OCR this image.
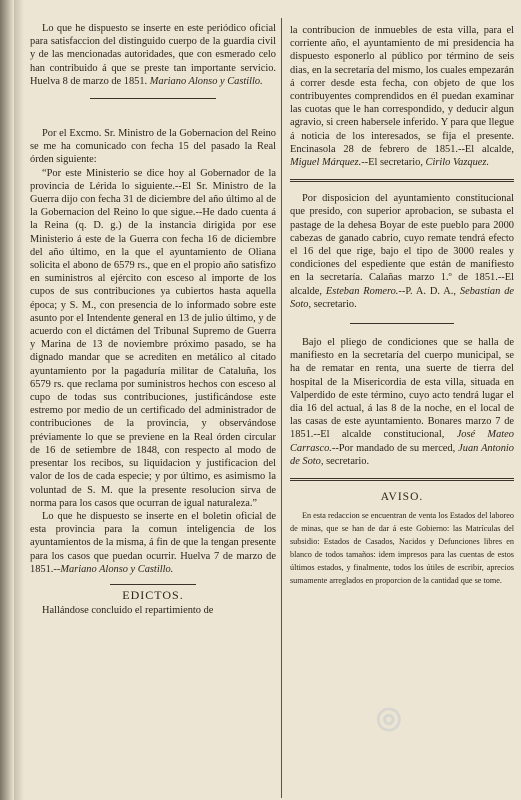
Lo que he dispuesto se inserte en este periódico oficial para satisfaccion del distinguido cuerpo de la guardia civil y de las mencionadas autoridades, que con esmerado celo han contribuido á que se preste tan importante servicio. Huelva 8 de marzo de 1851. Mariano Alonso y Castillo.

Por el Excmo. Sr. Ministro de la Gobernacion del Reino se me ha comunicado con fecha 15 del pasado la Real órden siguiente:

“Por este Ministerio se dice hoy al Gobernador de la provincia de Lérida lo siguiente.--El Sr. Ministro de la Guerra dijo con fecha 31 de diciembre del año último al de la Gobernacion del Reino lo que sigue.--He dado cuenta á la Reina (q. D. g.) de la instancia dirigida por ese Ministerio á este de la Guerra con fecha 16 de diciembre del año último, en la que el ayuntamiento de Oliana solicita el abono de 6579 rs., que en el propio año satisfizo en suministros al ejército con esceso al importe de los cupos de sus contribuciones ya cubiertos hasta aquella época; y S. M., con presencia de lo informado sobre este asunto por el Intendente general en 13 de julio último, y de acuerdo con el dictámen del Tribunal Supremo de Guerra y Marina de 13 de noviembre próximo pasado, se ha dignado mandar que se acrediten en metálico al citado ayuntamiento por la pagaduría militar de Cataluña, los 6579 rs. que reclama por suministros hechos con esceso al cupo de todas sus contribuciones, justificándose este estremo por medio de un certificado del administrador de contribuciones de la provincia, y observándose préviamente lo que se previene en la Real órden circular de 16 de setiembre de 1848, con respecto al modo de presentar los recibos, su liquidacion y justificacion del valor de los de cada especie; y por último, es asimismo la voluntad de S. M. que la presente resolucion sirva de norma para los casos que ocurran de igual naturaleza.”

Lo que he dispuesto se inserte en el boletin oficial de esta provincia para la comun inteligencia de los ayuntamientos de la misma, á fin de que la tengan presente para los casos que puedan ocurrir. Huelva 7 de marzo de 1851.--Mariano Alonso y Castillo.

EDICTOS.

Hallándose concluido el repartimiento de

la contribucion de inmuebles de esta villa, para el corriente año, el ayuntamiento de mi presidencia ha dispuesto esponerlo al público por término de seis dias, en la secretaría del mismo, los cuales empezarán á correr desde esta fecha, con objeto de que los contribuyentes comprendidos en él puedan examinar las cuotas que le han correspondido, y deducir algun agravio, si creen habersele inferido. Y para que llegue á noticia de los interesados, se fija el presente. Encinasola 28 de febrero de 1851.--El alcalde, Miguel Márquez.--El secretario, Cirilo Vazquez.

Por disposicion del ayuntamiento constitucional que presido, con superior aprobacion, se subasta el pastage de la dehesa Boyar de este pueblo para 2000 cabezas de ganado cabrio, cuyo remate tendrá efecto el 16 del que rige, bajo el tipo de 3000 reales y condiciones del espediente que están de manifiesto en la secretaría. Calañas marzo 1.º de 1851.--El alcalde, Esteban Romero.--P. A. D. A., Sebastian de Soto, secretario.

Bajo el pliego de condiciones que se halla de manifiesto en la secretaría del cuerpo municipal, se ha de rematar en renta, una suerte de tierra del hospital de la Misericordia de esta villa, situada en Valperdido de este término, cuyo acto tendrá lugar el dia 16 del actual, á las 8 de la noche, en el local de las casas de este ayuntamiento. Bonares marzo 7 de 1851.--El alcalde constitucional, José Mateo Carrasco.--Por mandado de su merced, Juan Antonio de Soto, secretario.

AVISO.

En esta redaccion se encuentran de venta los Estados del laboreo de minas, que se han de dar á este Gobierno: las Matrículas del subsidio: Estados de Casados, Nacidos y Defunciones libres en blanco de todos tamaños: idem impresos para las cuentas de estos últimos estados, y finalmente, todos los útiles de escribir, aprecios sumamente arreglados en proporcion de la cantidad que se tome.

◎
